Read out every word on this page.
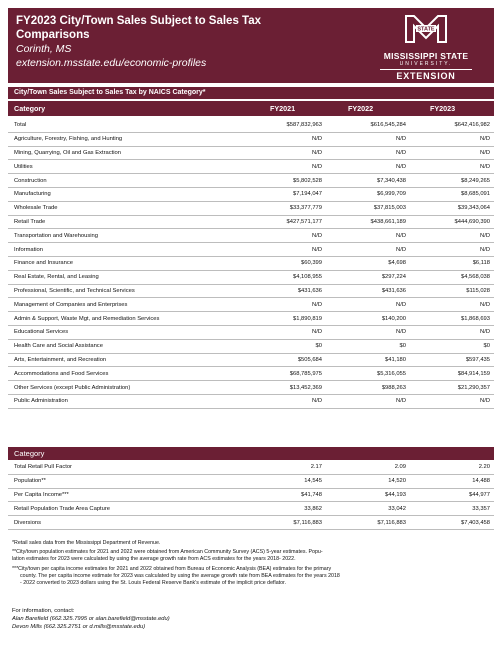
FY2023 City/Town Sales Subject to Sales Tax
Comparisons
Corinth, MS
extension.msstate.edu/economic-profiles
STATE
MISSISSIPPI STATE
UNIVERSITY.
EXTENSION
City/Town Sales Subject to Sales Tax by NAICS Category*
Category	FY2021	FY2022	FY2023
Total	$587,832,963	$616,545,284	$642,416,982
Agriculture, Forestry, Fishing, and Hunting	N/D	N/D	N/D
Mining, Quarrying, Oil and Gas Extraction	N/D	N/D	N/D
Utilities	N/D	N/D	N/D
Construction	$5,802,528	$7,340,438	$8,249,265
Manufacturing	$7,194,047	$6,999,709	$8,685,091
Wholesale Trade	$33,377,779	$37,815,003	$39,343,064
Retail Trade	$427,571,177	$438,661,189	$444,690,390
Transportation and Warehousing	N/D	N/D	N/D
Information	N/D	N/D	N/D
Finance and Insurance	$60,399	$4,698	$6,118
Real Estate, Rental, and Leasing	$4,108,955	$297,224	$4,568,038
Professional, Scientific, and Technical Services	$431,636	$431,636	$115,028
Management of Companies and Enterprises	N/D	N/D	N/D
Admin & Support, Waste Mgt, and Remediation Services	$1,890,819	$140,200	$1,868,693
Educational Services	N/D	N/D	N/D
Health Care and Social Assistance	$0	$0	$0
Arts, Entertainment, and Recreation	$505,684	$41,180	$597,435
Accommodations and Food Services	$68,785,975	$5,316,055	$84,914,159
Other Services (except Public Administration)	$13,452,369	$988,263	$21,290,357
Public Administration	N/D	N/D	N/D
Category
Total Retail Pull Factor	2.17	2.09	2.20
Population**	14,545	14,520	14,488
Per Capita Income***	$41,748	$44,193	$44,977
Retail Population Trade Area Capture	33,862	33,042	33,357
Diversions	$7,116,883	$7,116,883	$7,403,458
*Retail sales data from the Mississippi Department of Revenue.
**City/town population estimates for 2021 and 2022 were obtained from American Community Survey (ACS) 5-year estimates. Popu-
lation estimates for 2023 were calculated by using the average growth rate from ACS estimates for the years 2018- 2022.
***City/town per capita income estimates for 2021 and 2022 obtained from Bureau of Economic Analysis (BEA) estimates for the primary
county. The per capita income estimate for 2023 was calculated by using the average growth rate from BEA estimates for the years 2018
- 2022 converted to 2023 dollars using the St. Louis Federal Reserve Bank's estimate of the implicit price deflator.
For information, contact:
Alan Barefield (662.325.7995 or alan.barefield@msstate.edu)
Devon Mills (662.325.2751 or d.mills@msstate.edu)
